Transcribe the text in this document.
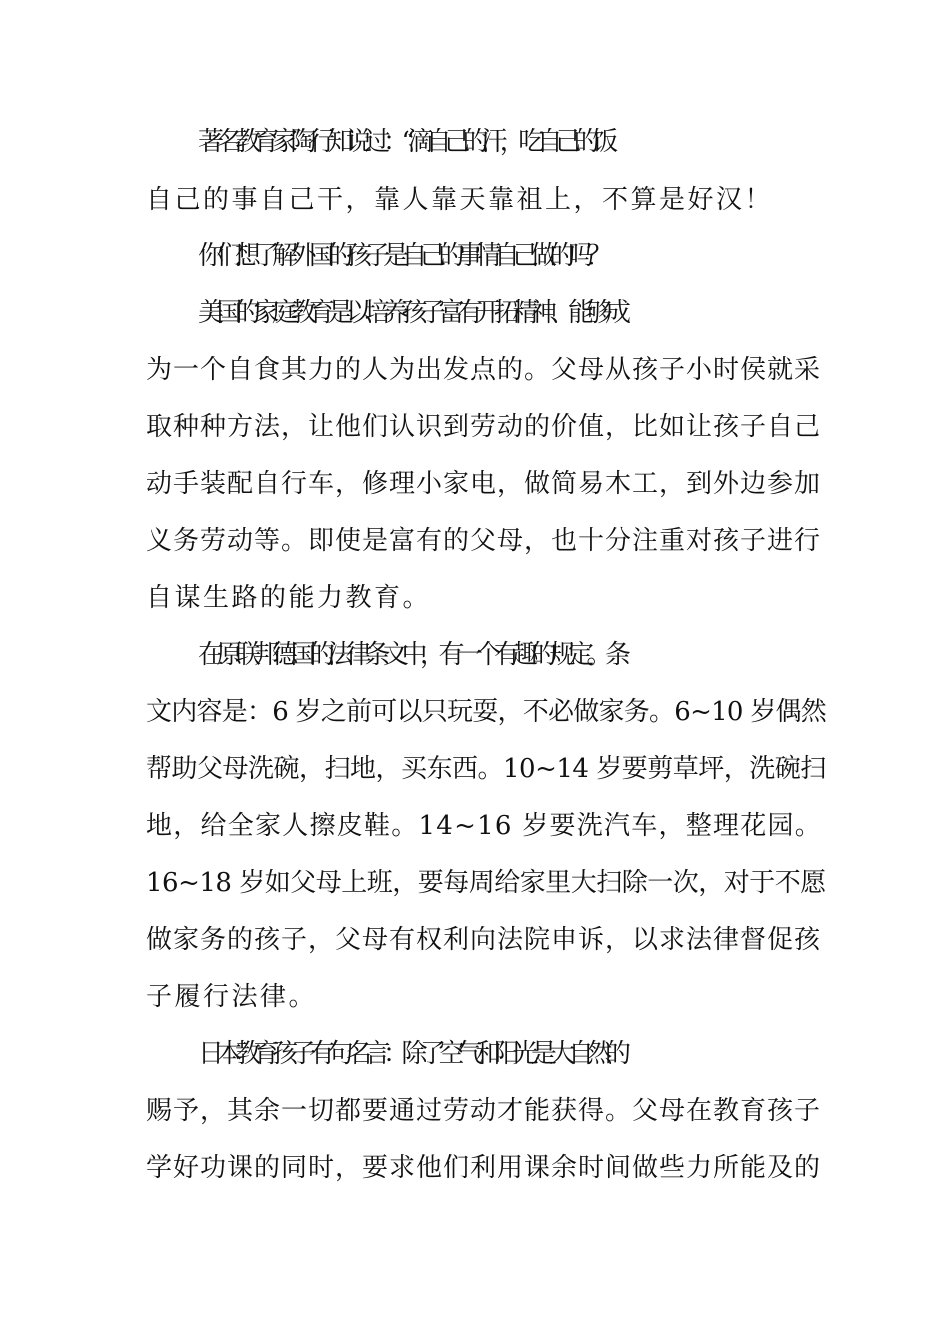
著名教育家陶行知说过：“滴自己的汗，吃自己的饭
自己的事自己干，靠人靠天靠祖上，不算是好汉！
你们想了解外国的孩子是自己的事情自己做的吗？
美国的家庭教育是以培养孩子富有开拓精神、能够成
为一个自食其力的人为出发点的。父母从孩子小时侯就采
取种种方法，让他们认识到劳动的价值，比如让孩子自己
动手装配自行车，修理小家电，做简易木工，到外边参加
义务劳动等。即使是富有的父母，也十分注重对孩子进行
自谋生路的能力教育。
在原联邦德国的法律条文中，有一个有趣的规定。条
文内容是：6 岁之前可以只玩耍，不必做家务。6~10 岁偶然
帮助父母洗碗，扫地，买东西。10~14 岁要剪草坪，洗碗扫
地，给全家人擦皮鞋。14~16 岁要洗汽车，整理花园。
16~18 岁如父母上班，要每周给家里大扫除一次，对于不愿
做家务的孩子，父母有权利向法院申诉，以求法律督促孩
子履行法律。
日本教育孩子有句名言：除了空气和阳光是大自然的
赐予，其余一切都要通过劳动才能获得。父母在教育孩子
学好功课的同时，要求他们利用课余时间做些力所能及的
